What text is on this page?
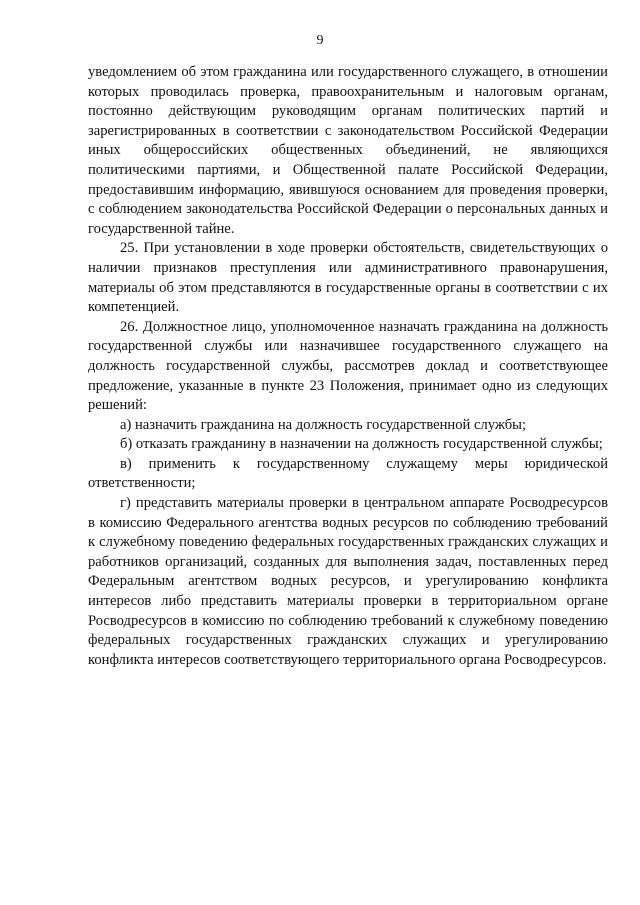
9

уведомлением об этом гражданина или государственного служащего, в отношении которых проводилась проверка, правоохранительным и налоговым органам, постоянно действующим руководящим органам политических партий и зарегистрированных в соответствии с законодательством Российской Федерации иных общероссийских общественных объединений, не являющихся политическими партиями, и Общественной палате Российской Федерации, предоставившим информацию, явившуюся основанием для проведения проверки, с соблюдением законодательства Российской Федерации о персональных данных и государственной тайне.

25. При установлении в ходе проверки обстоятельств, свидетельствующих о наличии признаков преступления или административного правонарушения, материалы об этом представляются в государственные органы в соответствии с их компетенцией.

26. Должностное лицо, уполномоченное назначать гражданина на должность государственной службы или назначившее государственного служащего на должность государственной службы, рассмотрев доклад и соответствующее предложение, указанные в пункте 23 Положения, принимает одно из следующих решений:

а) назначить гражданина на должность государственной службы;

б) отказать гражданину в назначении на должность государственной службы;

в) применить к государственному служащему меры юридической ответственности;

г) представить материалы проверки в центральном аппарате Росводресурсов в комиссию Федерального агентства водных ресурсов по соблюдению требований к служебному поведению федеральных государственных гражданских служащих и работников организаций, созданных для выполнения задач, поставленных перед Федеральным агентством водных ресурсов, и урегулированию конфликта интересов либо представить материалы проверки в территориальном органе Росводресурсов в комиссию по соблюдению требований к служебному поведению федеральных государственных гражданских служащих и урегулированию конфликта интересов соответствующего территориального органа Росводресурсов.
